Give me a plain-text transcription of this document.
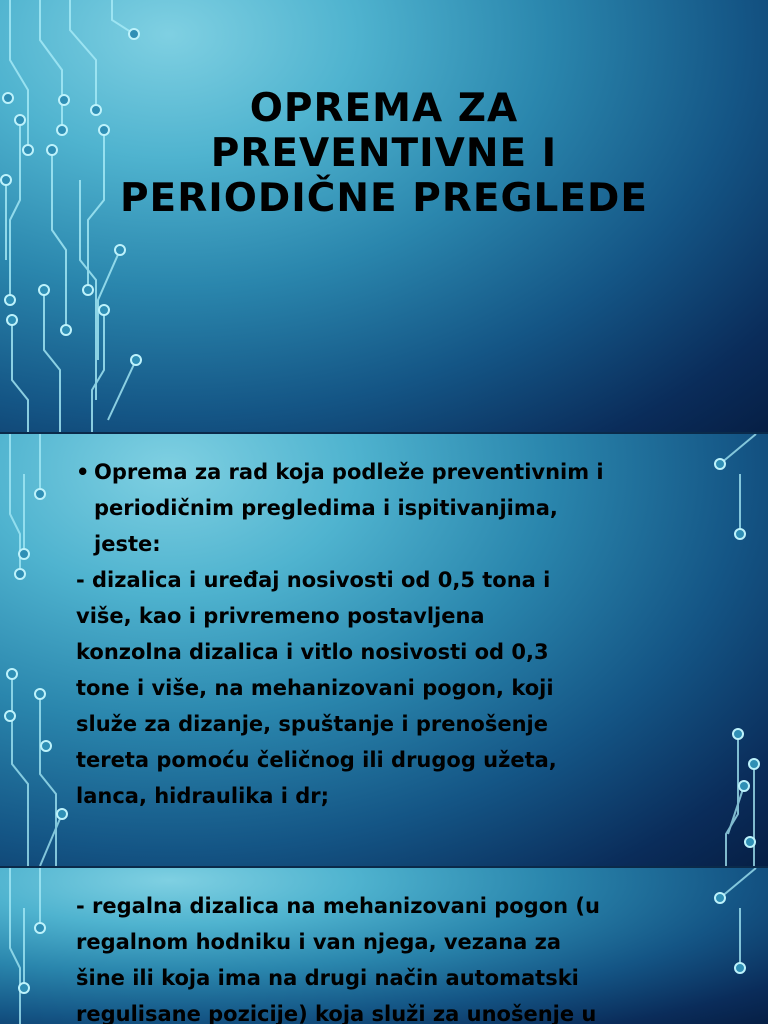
OPREMA ZA
PREVENTIVNE I
PERIODIČNE PREGLEDE
• Oprema za rad koja podleže preventivnim i
periodičnim pregledima i ispitivanjima,
jeste:
- dizalica i uređaj nosivosti od 0,5 tona i
više, kao i privremeno postavljena
konzolna dizalica i vitlo nosivosti od 0,3
tone i više, na mehanizovani pogon, koji
služe za dizanje, spuštanje i prenošenje
tereta pomoću čeličnog ili drugog užeta,
lanca, hidraulika i dr;
- regalna dizalica na mehanizovani pogon (u
regalnom hodniku i van njega, vezana za
šine ili koja ima na drugi način automatski
regulisane pozicije) koja služi za unošenje u
